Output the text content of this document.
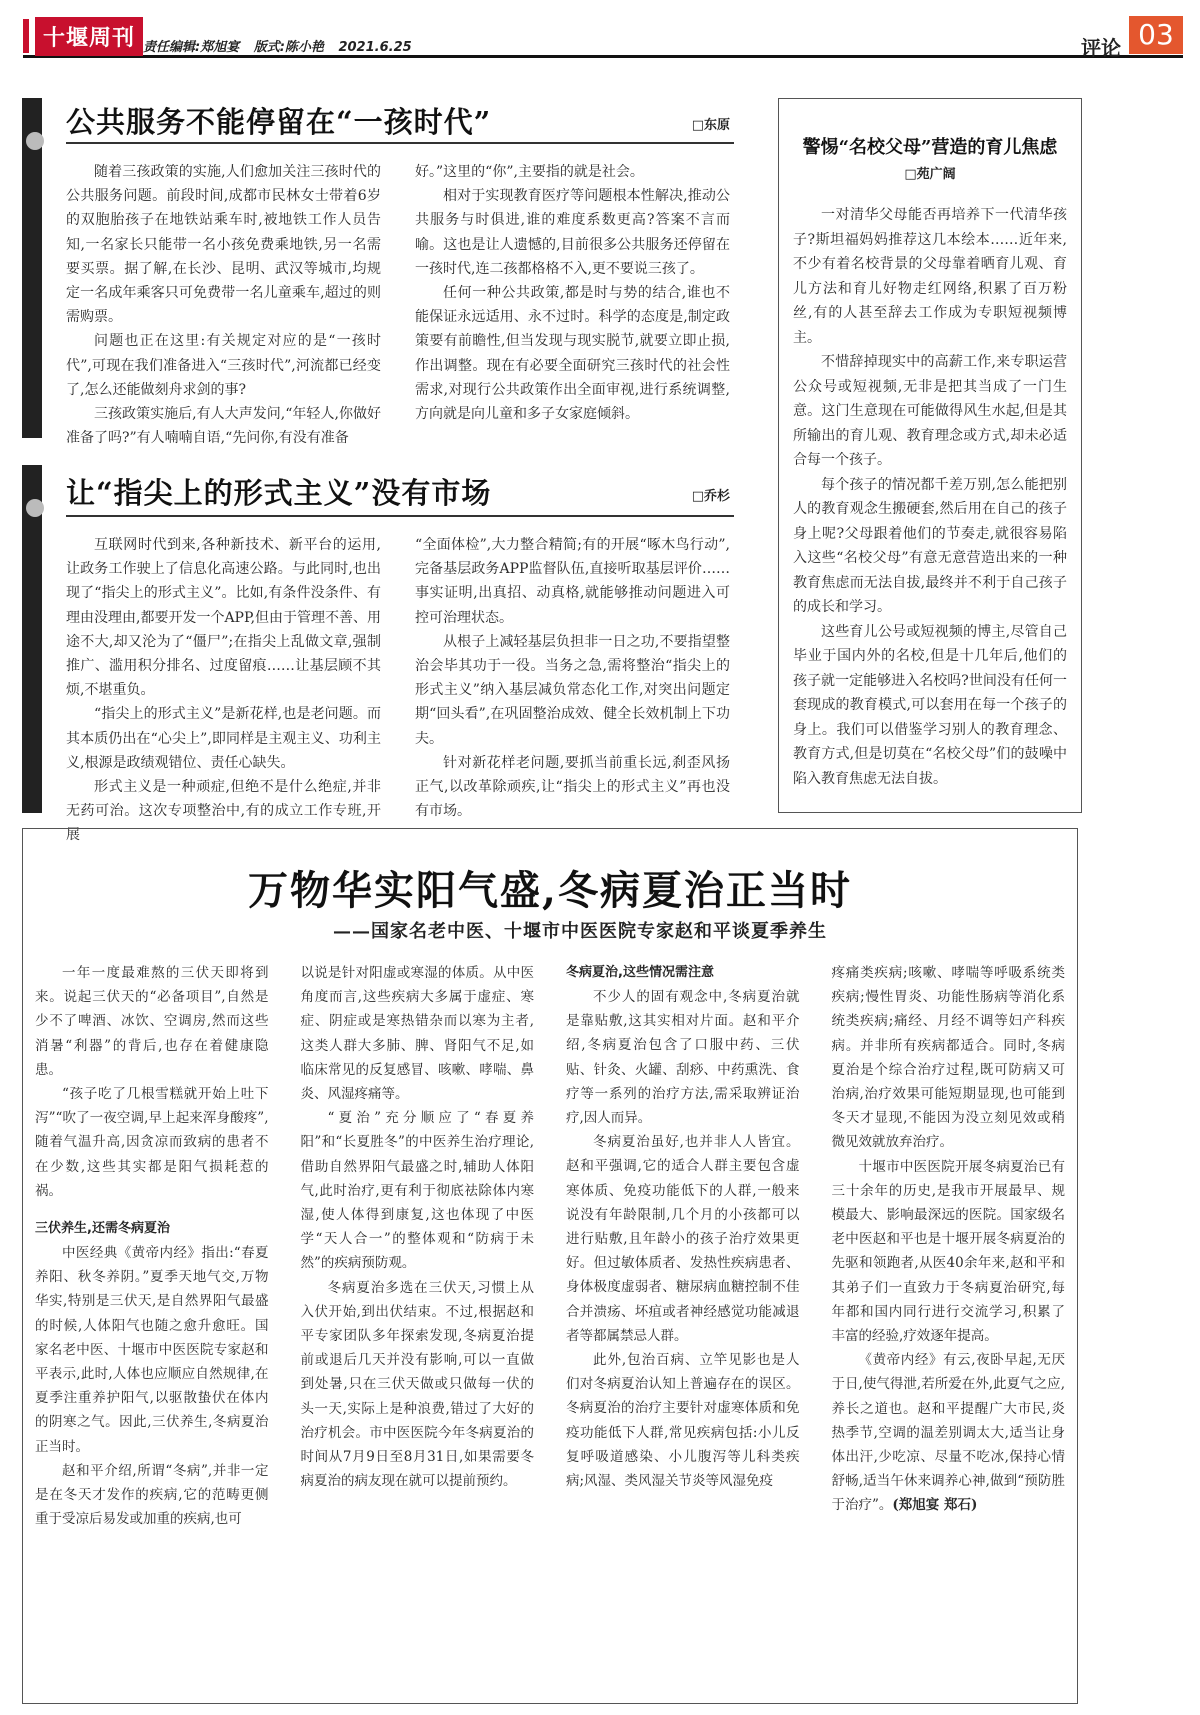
十堰周刊 责任编辑:郑旭宴 版式:陈小艳 2021.6.25	评论 03
公共服务不能停留在“一孩时代”	□东原

随着三孩政策的实施,人们愈加关注三孩时代的公共服务问题。前段时间,成都市民林女士带着6岁的双胞胎孩子在地铁站乘车时,被地铁工作人员告知,一名家长只能带一名小孩免费乘地铁,另一名需要买票。据了解,在长沙、昆明、武汉等城市,均规定一名成年乘客只可免费带一名儿童乘车,超过的则需购票。

问题也正在这里:有关规定对应的是“一孩时代”,可现在我们准备进入“三孩时代”,河流都已经变了,怎么还能做刻舟求剑的事?

三孩政策实施后,有人大声发问,“年轻人,你做好准备了吗?”有人喃喃自语,“先问你,有没有准备

好。”这里的“你”,主要指的就是社会。

相对于实现教育医疗等问题根本性解决,推动公共服务与时俱进,谁的难度系数更高?答案不言而喻。这也是让人遗憾的,目前很多公共服务还停留在一孩时代,连二孩都格格不入,更不要说三孩了。

任何一种公共政策,都是时与势的结合,谁也不能保证永远适用、永不过时。科学的态度是,制定政策要有前瞻性,但当发现与现实脱节,就要立即止损,作出调整。现在有必要全面研究三孩时代的社会性需求,对现行公共政策作出全面审视,进行系统调整,方向就是向儿童和多子女家庭倾斜。

让“指尖上的形式主义”没有市场	□乔杉

互联网时代到来,各种新技术、新平台的运用,让政务工作驶上了信息化高速公路。与此同时,也出现了“指尖上的形式主义”。比如,有条件没条件、有理由没理由,都要开发一个APP,但由于管理不善、用途不大,却又沦为了“僵尸”;在指尖上乱做文章,强制推广、滥用积分排名、过度留痕……让基层顾不其烦,不堪重负。

“指尖上的形式主义”是新花样,也是老问题。而其本质仍出在“心尖上”,即同样是主观主义、功利主义,根源是政绩观错位、责任心缺失。

形式主义是一种顽症,但绝不是什么绝症,并非无药可治。这次专项整治中,有的成立工作专班,开展

“全面体检”,大力整合精简;有的开展“啄木鸟行动”,完备基层政务APP监督队伍,直接听取基层评价……事实证明,出真招、动真格,就能够推动问题进入可控可治理状态。

从根子上减轻基层负担非一日之功,不要指望整治会毕其功于一役。当务之急,需将整治“指尖上的形式主义”纳入基层减负常态化工作,对突出问题定期“回头看”,在巩固整治成效、健全长效机制上下功夫。

针对新花样老问题,要抓当前重长远,刹歪风扬正气,以改革除顽疾,让“指尖上的形式主义”再也没有市场。

警惕“名校父母”营造的育儿焦虑
□苑广阔

一对清华父母能否再培养下一代清华孩子?斯坦福妈妈推荐这几本绘本……近年来,不少有着名校背景的父母靠着晒育儿观、育儿方法和育儿好物走红网络,积累了百万粉丝,有的人甚至辞去工作成为专职短视频博主。

不惜辞掉现实中的高薪工作,来专职运营公众号或短视频,无非是把其当成了一门生意。这门生意现在可能做得风生水起,但是其所输出的育儿观、教育理念或方式,却未必适合每一个孩子。

每个孩子的情况都千差万别,怎么能把别人的教育观念生搬硬套,然后用在自己的孩子身上呢?父母跟着他们的节奏走,就很容易陷入这些“名校父母”有意无意营造出来的一种教育焦虑而无法自拔,最终并不利于自己孩子的成长和学习。

这些育儿公号或短视频的博主,尽管自己毕业于国内外的名校,但是十几年后,他们的孩子就一定能够进入名校吗?世间没有任何一套现成的教育模式,可以套用在每一个孩子的身上。我们可以借鉴学习别人的教育理念、教育方式,但是切莫在“名校父母”们的鼓噪中陷入教育焦虑无法自拔。

万物华实阳气盛,冬病夏治正当时
——国家名老中医、十堰市中医医院专家赵和平谈夏季养生

一年一度最难熬的三伏天即将到来。说起三伏天的“必备项目”,自然是少不了啤酒、冰饮、空调房,然而这些消暑“利器”的背后,也存在着健康隐患。

“孩子吃了几根雪糕就开始上吐下泻”“吹了一夜空调,早上起来浑身酸疼”,随着气温升高,因贪凉而致病的患者不在少数,这些其实都是阳气损耗惹的祸。

三伏养生,还需冬病夏治

中医经典《黄帝内经》指出:“春夏养阳、秋冬养阴。”夏季天地气交,万物华实,特别是三伏天,是自然界阳气最盛的时候,人体阳气也随之愈升愈旺。国家名老中医、十堰市中医医院专家赵和平表示,此时,人体也应顺应自然规律,在夏季注重养护阳气,以驱散蛰伏在体内的阴寒之气。因此,三伏养生,冬病夏治正当时。

赵和平介绍,所谓“冬病”,并非一定是在冬天才发作的疾病,它的范畴更侧重于受凉后易发或加重的疾病,也可

以说是针对阳虚或寒湿的体质。从中医角度而言,这些疾病大多属于虚症、寒症、阴症或是寒热错杂而以寒为主者,这类人群大多肺、脾、肾阳气不足,如临床常见的反复感冒、咳嗽、哮喘、鼻炎、风湿疼痛等。

“夏治”充分顺应了“春夏养阳”和“长夏胜冬”的中医养生治疗理论,借助自然界阳气最盛之时,辅助人体阳气,此时治疗,更有利于彻底祛除体内寒湿,使人体得到康复,这也体现了中医学“天人合一”的整体观和“防病于未然”的疾病预防观。

冬病夏治多选在三伏天,习惯上从入伏开始,到出伏结束。不过,根据赵和平专家团队多年探索发现,冬病夏治提前或退后几天并没有影响,可以一直做到处暑,只在三伏天做或只做每一伏的头一天,实际上是种浪费,错过了大好的治疗机会。市中医医院今年冬病夏治的时间从7月9日至8月31日,如果需要冬病夏治的病友现在就可以提前预约。

冬病夏治,这些情况需注意

不少人的固有观念中,冬病夏治就是靠贴敷,这其实相对片面。赵和平介绍,冬病夏治包含了口服中药、三伏贴、针灸、火罐、刮痧、中药熏洗、食疗等一系列的治疗方法,需采取辨证治疗,因人而异。

冬病夏治虽好,也并非人人皆宜。赵和平强调,它的适合人群主要包含虚寒体质、免疫功能低下的人群,一般来说没有年龄限制,几个月的小孩都可以进行贴敷,且年龄小的孩子治疗效果更好。但过敏体质者、发热性疾病患者、身体极度虚弱者、糖尿病血糖控制不佳合并溃疡、坏疽或者神经感觉功能减退者等都属禁忌人群。

此外,包治百病、立竿见影也是人们对冬病夏治认知上普遍存在的误区。冬病夏治的治疗主要针对虚寒体质和免疫功能低下人群,常见疾病包括:小儿反复呼吸道感染、小儿腹泻等儿科类疾病;风湿、类风湿关节炎等风湿免疫

疼痛类疾病;咳嗽、哮喘等呼吸系统类疾病;慢性胃炎、功能性肠病等消化系统类疾病;痛经、月经不调等妇产科疾病。并非所有疾病都适合。同时,冬病夏治是个综合治疗过程,既可防病又可治病,治疗效果可能短期显现,也可能到冬天才显现,不能因为没立刻见效或稍微见效就放弃治疗。

十堰市中医医院开展冬病夏治已有三十余年的历史,是我市开展最早、规模最大、影响最深远的医院。国家级名老中医赵和平也是十堰开展冬病夏治的先驱和领跑者,从医40余年来,赵和平和其弟子们一直致力于冬病夏治研究,每年都和国内同行进行交流学习,积累了丰富的经验,疗效逐年提高。

《黄帝内经》有云,夜卧早起,无厌于日,使气得泄,若所爱在外,此夏气之应,养长之道也。赵和平提醒广大市民,炎热季节,空调的温差别调太大,适当让身体出汗,少吃凉、尽量不吃冰,保持心情舒畅,适当午休来调养心神,做到“预防胜于治疗”。(郑旭宴 郑石)
